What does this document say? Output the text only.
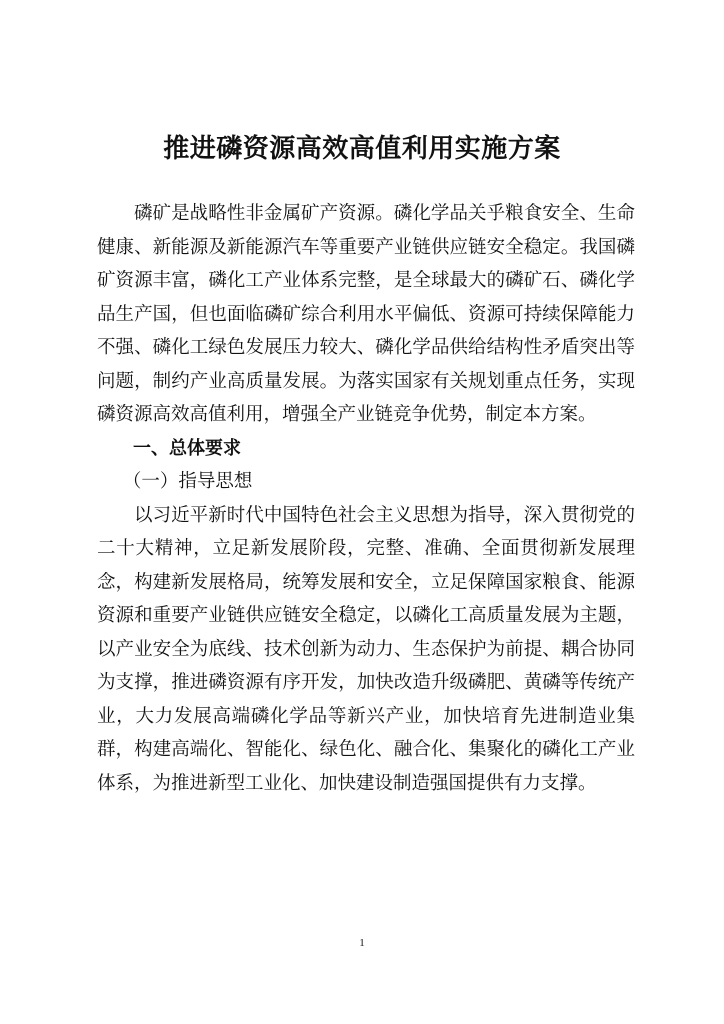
推进磷资源高效高值利用实施方案

磷矿是战略性非金属矿产资源。磷化学品关乎粮食安全、生命健康、新能源及新能源汽车等重要产业链供应链安全稳定。我国磷矿资源丰富，磷化工产业体系完整，是全球最大的磷矿石、磷化学品生产国，但也面临磷矿综合利用水平偏低、资源可持续保障能力不强、磷化工绿色发展压力较大、磷化学品供给结构性矛盾突出等问题，制约产业高质量发展。为落实国家有关规划重点任务，实现磷资源高效高值利用，增强全产业链竞争优势，制定本方案。

一、总体要求

（一）指导思想

以习近平新时代中国特色社会主义思想为指导，深入贯彻党的二十大精神，立足新发展阶段，完整、准确、全面贯彻新发展理念，构建新发展格局，统筹发展和安全，立足保障国家粮食、能源资源和重要产业链供应链安全稳定，以磷化工高质量发展为主题，以产业安全为底线、技术创新为动力、生态保护为前提、耦合协同为支撑，推进磷资源有序开发，加快改造升级磷肥、黄磷等传统产业，大力发展高端磷化学品等新兴产业，加快培育先进制造业集群，构建高端化、智能化、绿色化、融合化、集聚化的磷化工产业体系，为推进新型工业化、加快建设制造强国提供有力支撑。

1
